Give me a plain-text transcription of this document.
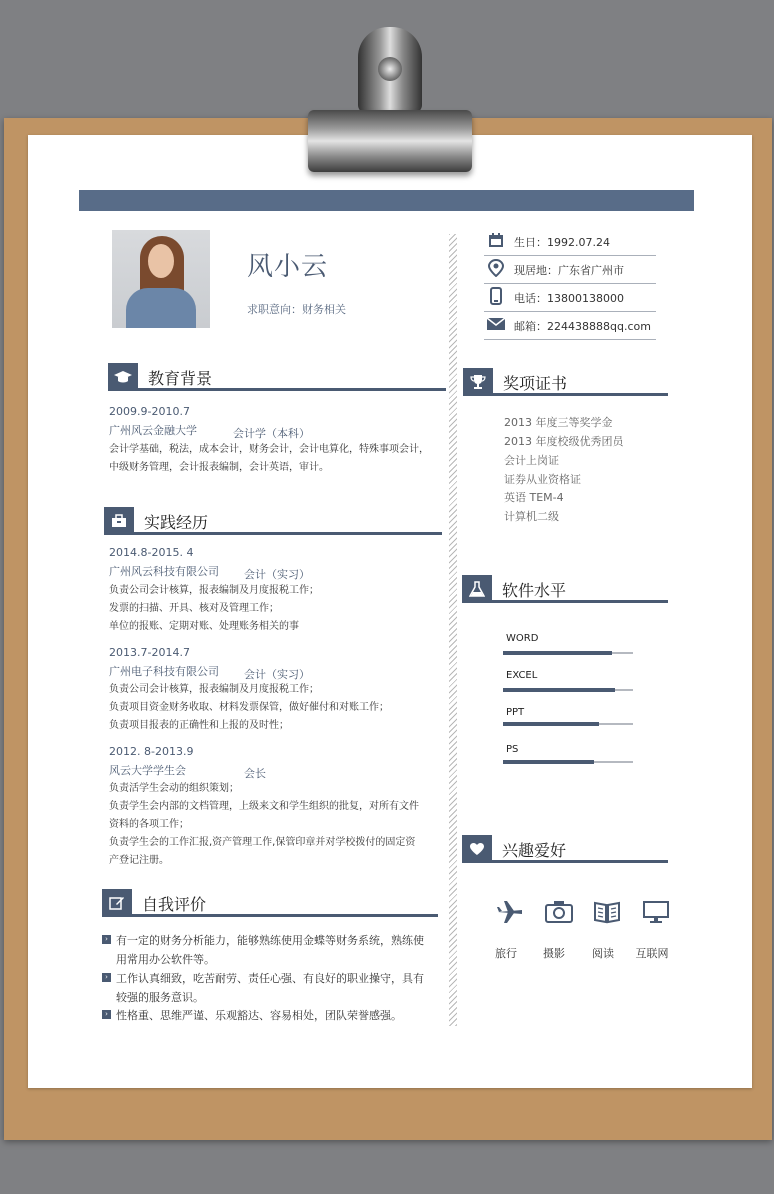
风小云
求职意向：财务相关
生日：1992.07.24
现居地：广东省广州市
电话：13800138000
邮箱：224438888qq.com
教育背景
2009.9-2010.7
广州风云金融大学	会计学（本科）
会计学基础，税法，成本会计，财务会计，会计电算化，特殊事项会计，
中级财务管理，会计报表编制，会计英语，审计。
实践经历
2014.8-2015. 4
广州风云科技有限公司 会计（实习）
负责公司会计核算，报表编制及月度报税工作；
发票的扫描、开具、核对及管理工作；
单位的报账、定期对账、处理账务相关的事
2013.7-2014.7
广州电子科技有限公司 会计（实习）
负责公司会计核算，报表编制及月度报税工作；
负责项目资金财务收取、材料发票保管，做好催付和对账工作；
负责项目报表的正确性和上报的及时性；
2012. 8-2013.9
风云大学学生会	会长
负责活学生会动的组织策划；
负责学生会内部的文档管理，上级来文和学生组织的批复，对所有文件
资料的各项工作；
负责学生会的工作汇报,资产管理工作,保管印章并对学校拨付的固定资
产登记注册。
自我评价
› 有一定的财务分析能力，能够熟练使用金蝶等财务系统，熟练使
用常用办公软件等。
› 工作认真细致，吃苦耐劳、责任心强、有良好的职业操守，具有
较强的服务意识。
› 性格重、思维严谨、乐观豁达、容易相处，团队荣誉感强。
奖项证书
2013 年度三等奖学金
2013 年度校级优秀团员
会计上岗证
证券从业资格证
英语 TEM-4
计算机二级
软件水平
WORD
EXCEL
PPT
PS
兴趣爱好
旅行	摄影	阅读	互联网
